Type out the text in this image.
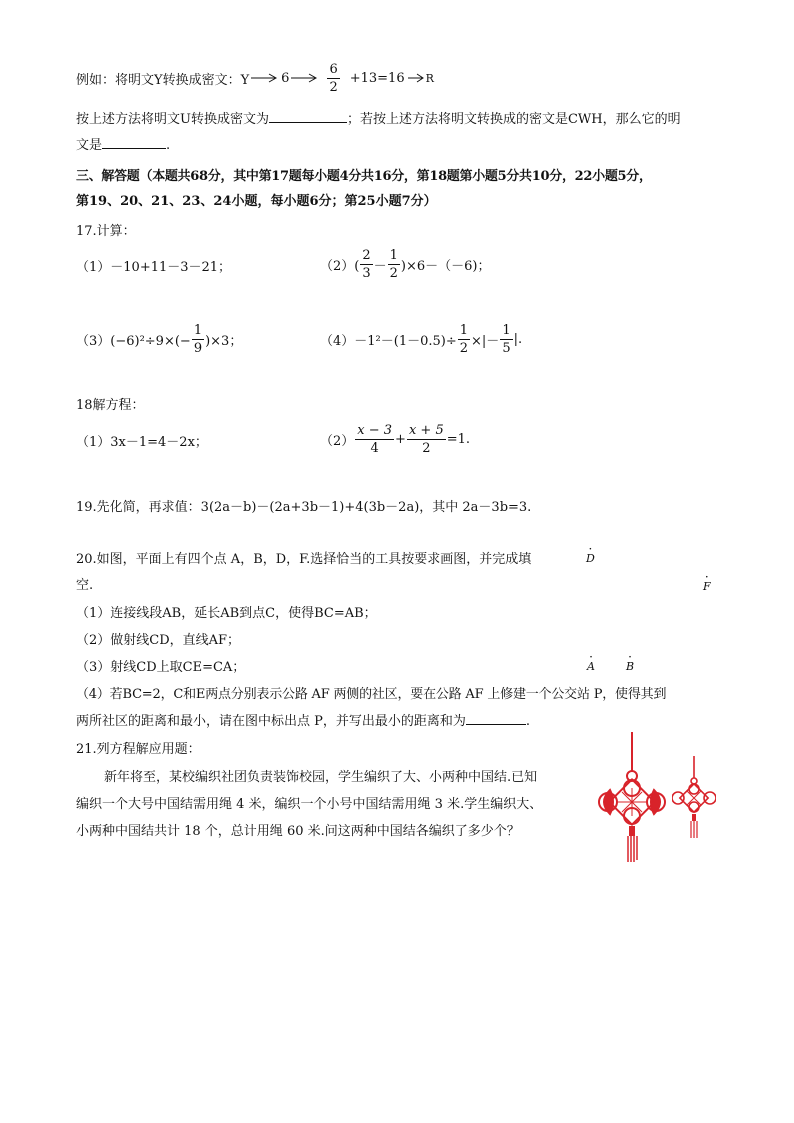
例如：将明文Y转换成密文：Y 6	$\frac{6}{2} +13=16$ R
按上述方法将明文U转换成密文为	；若按上述方法将明文转换成的密文是CWH，那么它的明
文是	.
三、解答题（本题共68分，其中第17题每小题4分共16分，第18题第小题5分共10分，22小题5分，
第19、20、21、23、24小题，每小题6分；第25小题7分）
17.计算：
（1）－10+11－3－21；	$(2)( \frac{2}{3} - \frac{1}{2} )\times 6-(-6)$；
$(3)(-6)^2\div 9\times(- \frac{1}{9} )\times 3$；	$(4)-1^2-(1-0.5)\div \frac{1}{2}$ ×|－ $\frac{1}{5}$ |.
18解方程：
（1）3x－1=4－2x；	$(2) \frac{x - 3}{4} + \frac{x + 5}{2} =1$.
19.先化简，再求值：3(2a－b)－(2a+3b－1)+4(3b－2a)，其中 2a－3b=3.
20.如图，平面上有四个点 A，B，D，F.选择恰当的工具按要求画图，并完成填
空.
（1）连接线段AB，延长AB到点C，使得BC=AB；
（2）做射线CD，直线AF；
（3）射线CD上取CE=CA；
（4）若BC=2，C和E两点分别表示公路 AF 两侧的社区，要在公路 AF 上修建一个公交站 P，使得其到
两所社区的距离和最小，请在图中标出点 P，并写出最小的距离和为	.
·
D
·
F
·
A
·
B
21.列方程解应用题：
新年将至，某校编织社团负责装饰校园，学生编织了大、小两种中国结.已知
编织一个大号中国结需用绳 4 米，编织一个小号中国结需用绳 3 米.学生编织大、
小两种中国结共计 18 个，总计用绳 60 米.问这两种中国结各编织了多少个？
